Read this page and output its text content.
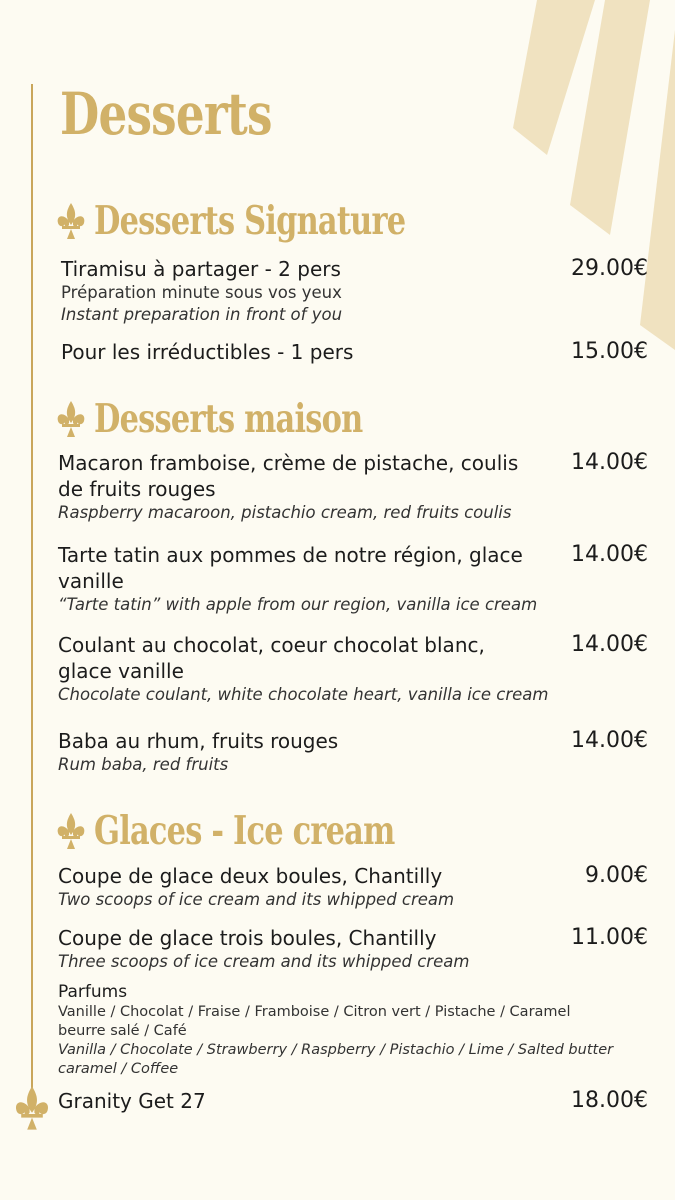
Desserts
Desserts Signature
Tiramisu à partager - 2 pers
Préparation minute sous vos yeux
Instant preparation in front of you
29.00€
Pour les irréductibles - 1 pers	15.00€
Desserts maison
Macaron framboise, crème de pistache, coulis de fruits rouges
Raspberry macaroon, pistachio cream, red fruits coulis
14.00€
Tarte tatin aux pommes de notre région, glace vanille
“Tarte tatin” with apple from our region, vanilla ice cream
14.00€
Coulant au chocolat, coeur chocolat blanc, glace vanille
Chocolate coulant, white chocolate heart, vanilla ice cream
14.00€
Baba au rhum, fruits rouges
Rum baba, red fruits
14.00€
Glaces - Ice cream
Coupe de glace deux boules, Chantilly
Two scoops of ice cream and its whipped cream
9.00€
Coupe de glace trois boules, Chantilly
Three scoops of ice cream and its whipped cream
11.00€
Parfums
Vanille / Chocolat / Fraise / Framboise / Citron vert / Pistache / Caramel beurre salé / Café
Vanilla / Chocolate / Strawberry / Raspberry / Pistachio / Lime / Salted butter caramel / Coffee
Granity Get 27	18.00€
